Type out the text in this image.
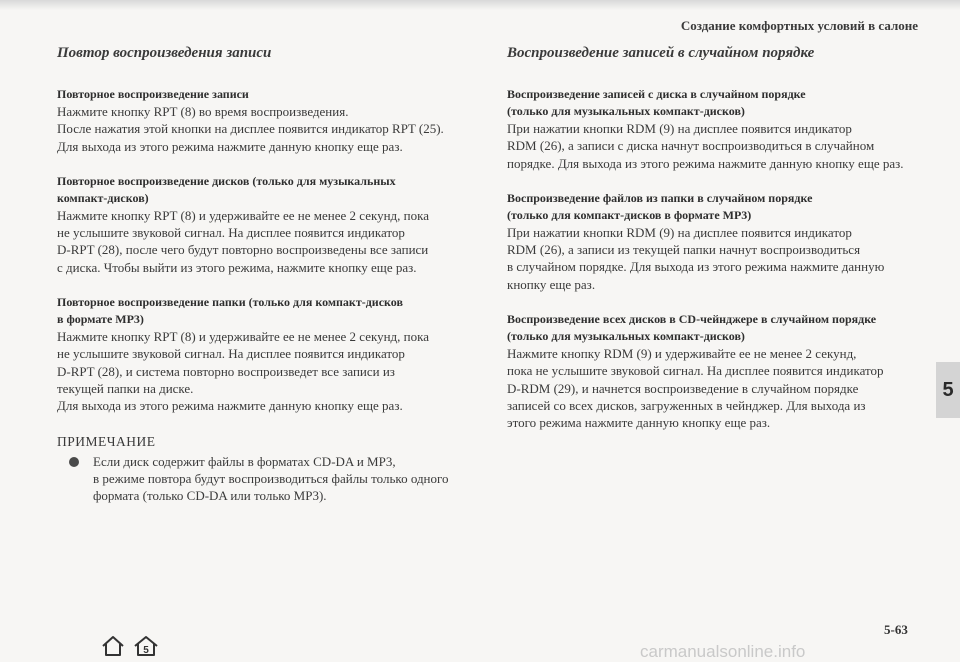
Создание комфортных условий в салоне
Повтор воспроизведения записи

Повторное воспроизведение записи

Нажмите кнопку RPT (8) во время воспроизведения.
После нажатия этой кнопки на дисплее появится индикатор RPT (25).
Для выхода из этого режима нажмите данную кнопку еще раз.

Повторное воспроизведение дисков (только для музыкальных
компакт-дисков)

Нажмите кнопку RPT (8) и удерживайте ее не менее 2 секунд, пока
не услышите звуковой сигнал. На дисплее появится индикатор
D-RPT (28), после чего будут повторно воспроизведены все записи
с диска. Чтобы выйти из этого режима, нажмите кнопку еще раз.

Повторное воспроизведение папки (только для компакт-дисков
в формате MP3)

Нажмите кнопку RPT (8) и удерживайте ее не менее 2 секунд, пока
не услышите звуковой сигнал. На дисплее появится индикатор
D-RPT (28), и система повторно воспроизведет все записи из
текущей папки на диске.
Для выхода из этого режима нажмите данную кнопку еще раз.

ПРИМЕЧАНИЕ

Если диск содержит файлы в форматах CD-DA и MP3,
в режиме повтора будут воспроизводиться файлы только одного
формата (только CD-DA или только MP3).

Воспроизведение записей в случайном порядке

Воспроизведение записей с диска в случайном порядке
(только для музыкальных компакт-дисков)

При нажатии кнопки RDM (9) на дисплее появится индикатор
RDM (26), а записи с диска начнут воспроизводиться в случайном
порядке. Для выхода из этого режима нажмите данную кнопку еще раз.

Воспроизведение файлов из папки в случайном порядке
(только для компакт-дисков в формате MP3)

При нажатии кнопки RDM (9) на дисплее появится индикатор
RDM (26), а записи из текущей папки начнут воспроизводиться
в случайном порядке. Для выхода из этого режима нажмите данную
кнопку еще раз.

Воспроизведение всех дисков в CD-чейнджере в случайном порядке
(только для музыкальных компакт-дисков)

Нажмите кнопку RDM (9) и удерживайте ее не менее 2 секунд,
пока не услышите звуковой сигнал. На дисплее появится индикатор
D-RDM (29), и начнется воспроизведение в случайном порядке
записей со всех дисков, загруженных в чейнджер. Для выхода из
этого режима нажмите данную кнопку еще раз.

5
5-63
5	carmanualsonline.info
